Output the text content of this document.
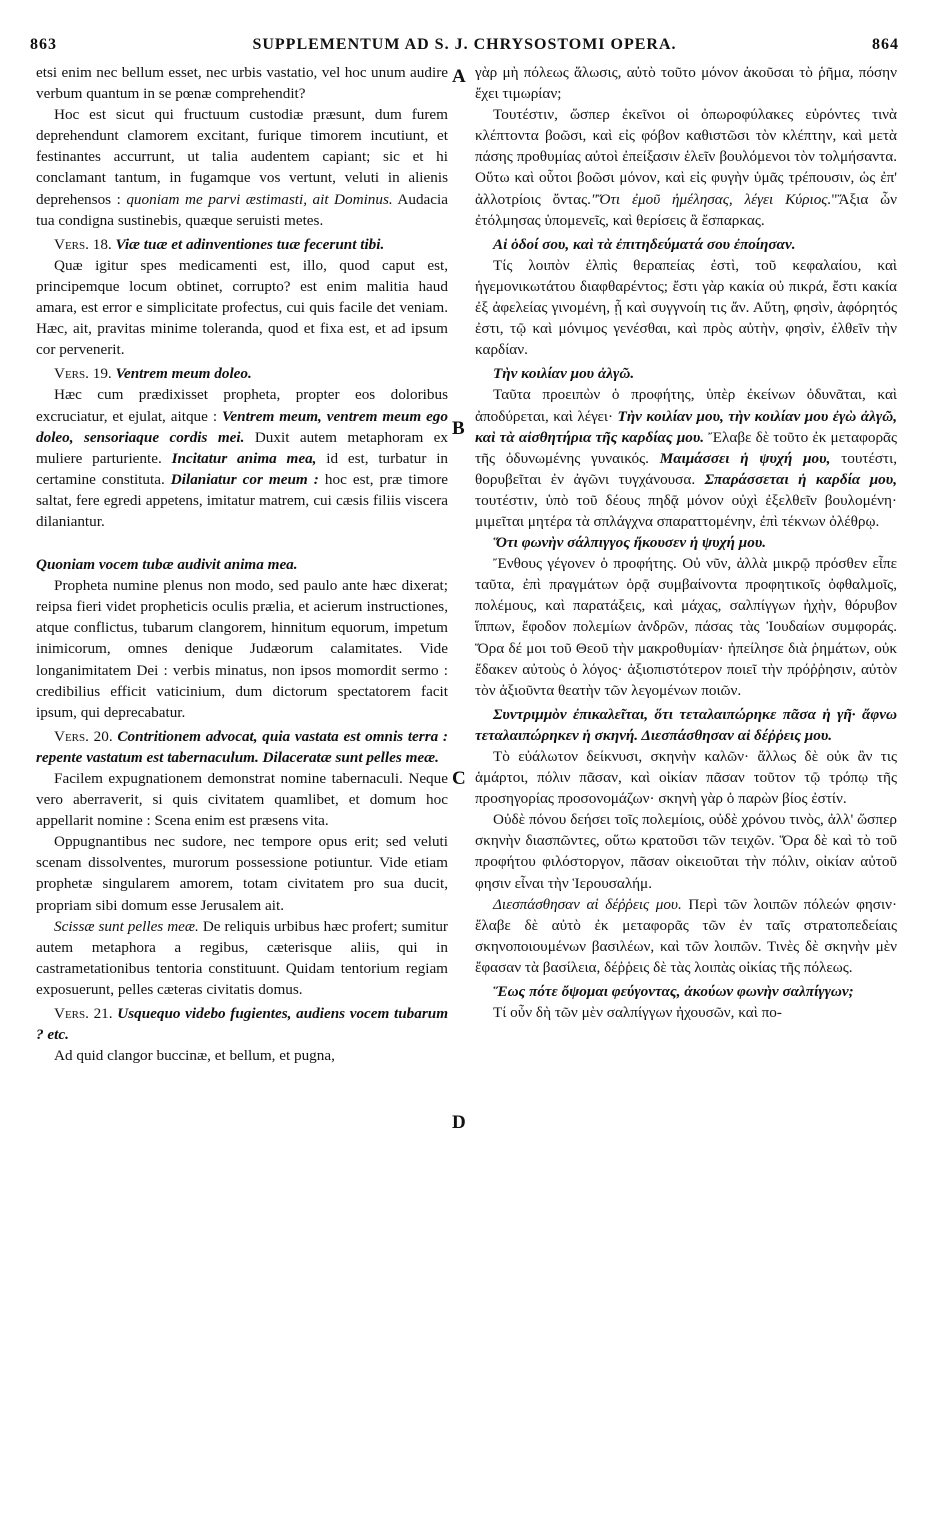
863	SUPPLEMENTUM AD S. J. CHRYSOSTOMI OPERA.	864
A
B
C
D

etsi enim nec bellum esset, nec urbis vastatio, vel hoc unum audire verbum quantum in se pœnæ comprehendit?

Hoc est sicut qui fructuum custodiæ præsunt, dum furem deprehendunt clamorem excitant, furique timorem incutiunt, et festinantes accurrunt, ut talia audentem capiant; sic et hi conclamant tantum, in fugamque vos vertunt, veluti in alienis deprehensos : quoniam me parvi æstimasti, ait Dominus. Audacia tua condigna sustinebis, quæque seruisti metes.

Vers. 18. Viæ tuæ et adinventiones tuæ fecerunt tibi.

Quæ igitur spes medicamenti est, illo, quod caput est, principemque locum obtinet, corrupto? est enim malitia haud amara, est error e simplicitate profectus, cui quis facile det veniam. Hæc, ait, pravitas minime toleranda, quod et fixa est, et ad ipsum cor pervenerit.

Vers. 19. Ventrem meum doleo.

Hæc cum prædixisset propheta, propter eos doloribus excruciatur, et ejulat, aitque : Ventrem meum, ventrem meum ego doleo, sensoriaque cordis mei. Duxit autem metaphoram ex muliere parturiente. Incitatur anima mea, id est, turbatur in certamine constituta. Dilaniatur cor meum : hoc est, præ timore saltat, fere egredi appetens, imitatur matrem, cui cæsis filiis viscera dilaniantur.

Quoniam vocem tubæ audivit anima mea.

Propheta numine plenus non modo, sed paulo ante hæc dixerat; reipsa fieri videt propheticis oculis prælia, et acierum instructiones, atque conflictus, tubarum clangorem, hinnitum equorum, impetum inimicorum, omnes denique Judæorum calamitates. Vide longanimitatem Dei : verbis minatus, non ipsos momordit sermo : credibilius efficit vaticinium, dum dictorum spectatorem facit ipsum, qui deprecabatur.

Vers. 20. Contritionem advocat, quia vastata est omnis terra : repente vastatum est tabernaculum. Dilaceratæ sunt pelles meæ.

Facilem expugnationem demonstrat nomine tabernaculi. Neque vero aberraverit, si quis civitatem quamlibet, et domum hoc appellarit nomine : Scena enim est præsens vita.

Oppugnantibus nec sudore, nec tempore opus erit; sed veluti scenam dissolventes, murorum possessione potiuntur. Vide etiam prophetæ singularem amorem, totam civitatem pro sua ducit, propriam sibi domum esse Jerusalem ait.

Scissæ sunt pelles meæ. De reliquis urbibus hæc profert; sumitur autem metaphora a regibus, cæterisque aliis, qui in castrametationibus tentoria constituunt. Quidam tentorium regiam exposuerunt, pelles cæteras civitatis domus.

Vers. 21. Usquequo videbo fugientes, audiens vocem tubarum ? etc.

Ad quid clangor buccinæ, et bellum, et pugna,

γὰρ μὴ πόλεως ἅλωσις, αὐτὸ τοῦτο μόνον ἀκοῦσαι τὸ ῥῆμα, πόσην ἔχει τιμωρίαν;

Τουτέστιν, ὥσπερ ἐκεῖνοι οἱ ὀπωροφύλακες εὑρόντες τινὰ κλέπτοντα βοῶσι, καὶ εἰς φόβον καθιστῶσι τὸν κλέπτην, καὶ μετὰ πάσης προθυμίας αὐτοὶ ἐπείξασιν ἑλεῖν βουλόμενοι τὸν τολμήσαντα. Οὕτω καὶ οὗτοι βοῶσι μόνον, καὶ εἰς φυγὴν ὑμᾶς τρέπουσιν, ὡς ἐπ' ἀλλοτρίοις ὄντας."Ὅτι ἐμοῦ ἠμέλησας, λέγει Κύριος."Ἄξια ὧν ἐτόλμησας ὑπομενεῖς, καὶ θερίσεις ἃ ἔσπαρκας.

Αἱ ὁδοί σου, καὶ τὰ ἐπιτηδεύματά σου ἐποίησαν.

Τίς λοιπὸν ἐλπὶς θεραπείας ἐστὶ, τοῦ κεφαλαίου, καὶ ἡγεμονικωτάτου διαφθαρέντος; ἔστι γὰρ κακία οὐ πικρά, ἔστι κακία ἐξ ἀφελείας γινομένη, ᾗ καὶ συγγνοίη τις ἄν. Αὕτη, φησὶν, ἀφόρητός ἐστι, τῷ καὶ μόνιμος γενέσθαι, καὶ πρὸς αὐτὴν, φησὶν, ἐλθεῖν τὴν καρδίαν.

Τὴν κοιλίαν μου ἀλγῶ.

Ταῦτα προειπὼν ὁ προφήτης, ὑπὲρ ἐκείνων ὀδυνᾶται, καὶ ἀποδύρεται, καὶ λέγει· Τὴν κοιλίαν μου, τὴν κοιλίαν μου ἐγὼ ἀλγῶ, καὶ τὰ αἰσθητήρια τῆς καρδίας μου. Ἔλαβε δὲ τοῦτο ἐκ μεταφορᾶς τῆς ὀδυνωμένης γυναικός. Μαιμάσσει ἡ ψυχή μου, τουτέστι, θορυβεῖται ἐν ἀγῶνι τυγχάνουσα. Σπαράσσεται ἡ καρδία μου, τουτέστιν, ὑπὸ τοῦ δέους πηδᾷ μόνον οὐχὶ ἐξελθεῖν βουλομένη· μιμεῖται μητέρα τὰ σπλάγχνα σπαραττομένην, ἐπὶ τέκνων ὀλέθρῳ.

Ὅτι φωνὴν σάλπιγγος ἤκουσεν ἡ ψυχή μου.

Ἔνθους γέγονεν ὁ προφήτης. Οὐ νῦν, ἀλλὰ μικρῷ πρόσθεν εἶπε ταῦτα, ἐπὶ πραγμάτων ὁρᾷ συμβαίνοντα προφητικοῖς ὀφθαλμοῖς, πολέμους, καὶ παρατάξεις, καὶ μάχας, σαλπίγγων ἠχὴν, θόρυβον ἵππων, ἔφοδον πολεμίων ἀνδρῶν, πάσας τὰς Ἰουδαίων συμφοράς. Ὅρα δέ μοι τοῦ Θεοῦ τὴν μακροθυμίαν· ἠπείλησε διὰ ῥημάτων, οὐκ ἔδακεν αὐτοὺς ὁ λόγος· ἀξιοπιστότερον ποιεῖ τὴν πρόῤῥησιν, αὐτὸν τὸν ἀξιοῦντα θεατὴν τῶν λεγομένων ποιῶν.

Συντριμμὸν ἐπικαλεῖται, ὅτι τεταλαιπώρηκε πᾶσα ἡ γῆ· ἄφνω τεταλαιπώρηκεν ἡ σκηνή. Διεσπάσθησαν αἱ δέῤῥεις μου.

Τὸ εὐάλωτον δείκνυσι, σκηνὴν καλῶν· ἄλλως δὲ οὐκ ἂν τις ἁμάρτοι, πόλιν πᾶσαν, καὶ οἰκίαν πᾶσαν τοῦτον τῷ τρόπῳ τῆς προσηγορίας προσονομάζων· σκηνὴ γὰρ ὁ παρὼν βίος ἐστίν.

Οὐδὲ πόνου δεήσει τοῖς πολεμίοις, οὐδὲ χρόνου τινὸς, ἀλλ' ὥσπερ σκηνὴν διασπῶντες, οὕτω κρατοῦσι τῶν τειχῶν. Ὅρα δὲ καὶ τὸ τοῦ προφήτου φιλόστοργον, πᾶσαν οἰκειοῦται τὴν πόλιν, οἰκίαν αὐτοῦ φησιν εἶναι τὴν Ἱερουσαλήμ.

Διεσπάσθησαν αἱ δέῤῥεις μου. Περὶ τῶν λοιπῶν πόλεών φησιν· ἔλαβε δὲ αὐτὸ ἐκ μεταφορᾶς τῶν ἐν ταῖς στρατοπεδείαις σκηνοποιουμένων βασιλέων, καὶ τῶν λοιπῶν. Τινὲς δὲ σκηνὴν μὲν ἔφασαν τὰ βασίλεια, δέῤῥεις δὲ τὰς λοιπὰς οἰκίας τῆς πόλεως.

Ἕως πότε ὄψομαι φεύγοντας, ἀκούων φωνὴν σαλπίγγων;

Τί οὖν δὴ τῶν μὲν σαλπίγγων ἠχουσῶν, καὶ πο-
